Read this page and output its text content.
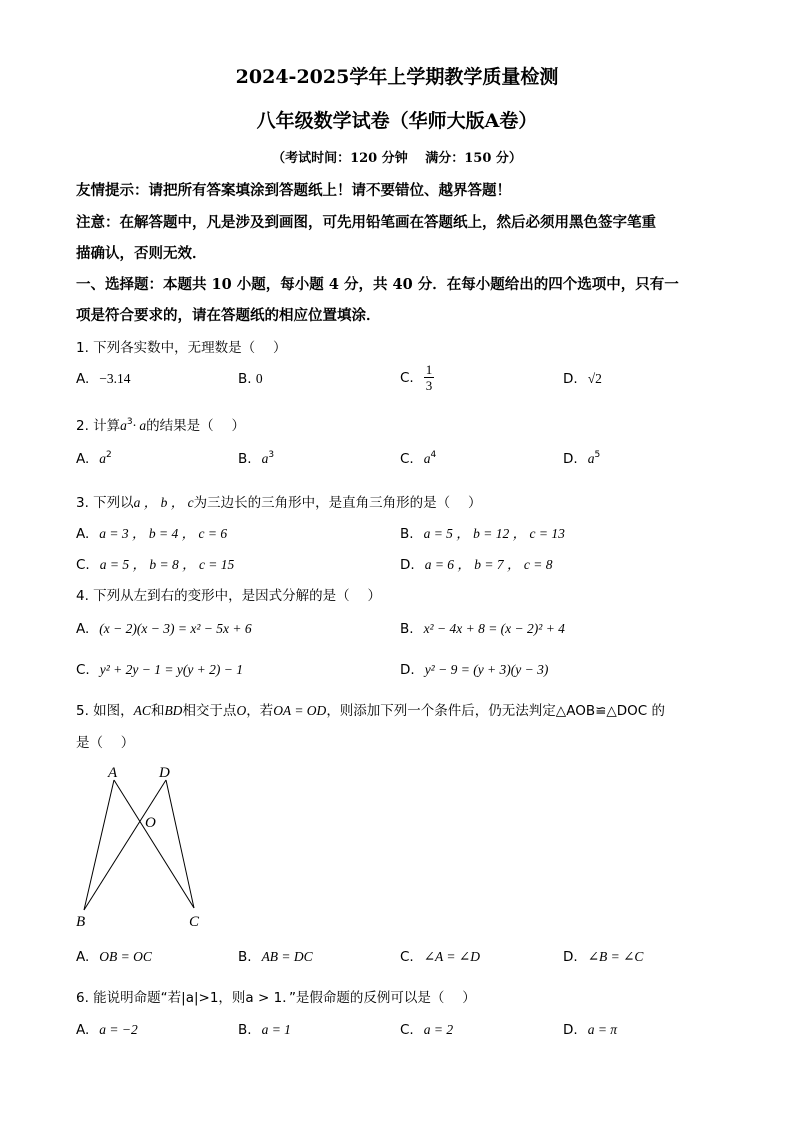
2024-2025学年上学期教学质量检测
八年级数学试卷（华师大版A卷）
（考试时间：120 分钟　 满分：150 分）
友情提示：请把所有答案填涂到答题纸上！请不要错位、越界答题！
注意：在解答题中，凡是涉及到画图，可先用铅笔画在答题纸上，然后必须用黑色签字笔重
描确认，否则无效．
一、选择题：本题共 10 小题，每小题 4 分，共 40 分．在每小题给出的四个选项中，只有一
项是符合要求的，请在答题纸的相应位置填涂．
1. 下列各实数中，无理数是（　 ）
A. −3.14	B. 0	C. $\frac{1}{3}$	D. √2
2. 计算$a^3\cdot a$的结果是（　 ）
A. $a^2$	B. $a^3$	C. $a^4$	D. $a^5$
3. 下列以a ， b ， c为三边长的三角形中，是直角三角形的是（　 ）
A. a = 3 ， b = 4 ， c = 6	B. a = 5 ， b = 12 ， c = 13
C. a = 5 ， b = 8 ， c = 15	D. a = 6 ， b = 7 ， c = 8
4. 下列从左到右的变形中，是因式分解的是（　 ）
A. (x − 2)(x − 3) = x² − 5x + 6	B. x² − 4x + 8 = (x − 2)² + 4
C. y² + 2y − 1 = y(y + 2) − 1	D. y² − 9 = (y + 3)(y − 3)
5. 如图，AC和BD相交于点O，若OA = OD，则添加下列一个条件后，仍无法判定△AOB≌△DOC 的
是（　 ）
A	D
O
B	C
A. OB = OC	B. AB = DC	C. ∠A = ∠D	D. ∠B = ∠C
6. 能说明命题“若|a|>1，则a > 1．”是假命题的反例可以是（　 ）
A. a = −2	B. a = 1	C. a = 2	D. a = π
